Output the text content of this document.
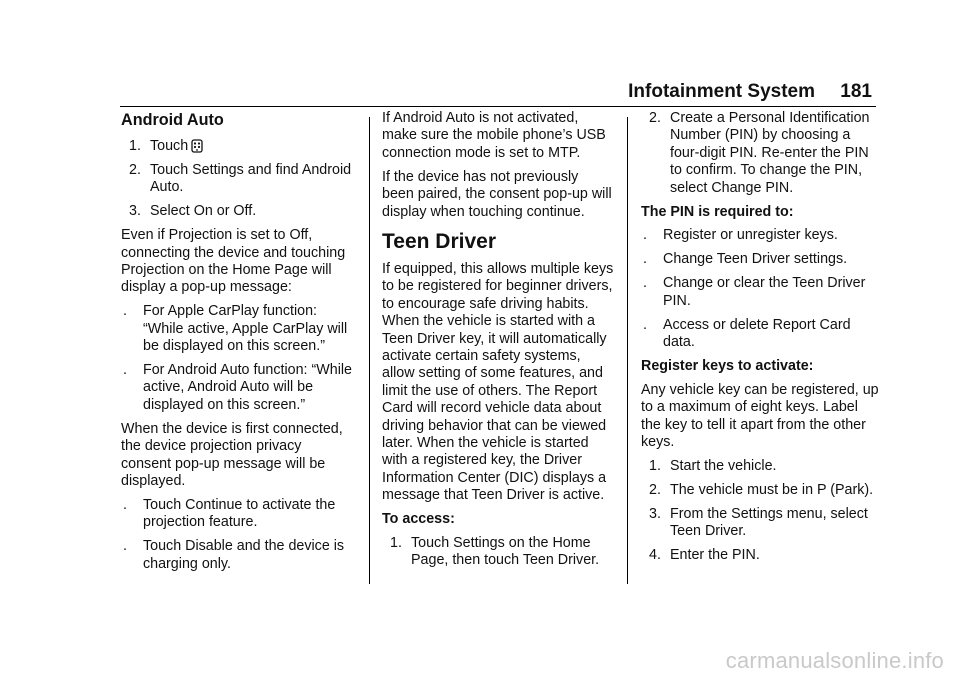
Infotainment System 181
Android Auto
1. Touch
2. Touch Settings and find Android Auto.
3. Select On or Off.

Even if Projection is set to Off, connecting the device and touching Projection on the Home Page will display a pop-up message:

. For Apple CarPlay function: “While active, Apple CarPlay will be displayed on this screen.”
. For Android Auto function: “While active, Android Auto will be displayed on this screen.”

When the device is first connected, the device projection privacy consent pop-up message will be displayed.

. Touch Continue to activate the projection feature.
. Touch Disable and the device is charging only.

If Android Auto is not activated, make sure the mobile phone’s USB connection mode is set to MTP.

If the device has not previously been paired, the consent pop-up will display when touching continue.

Teen Driver

If equipped, this allows multiple keys to be registered for beginner drivers, to encourage safe driving habits. When the vehicle is started with a Teen Driver key, it will automatically activate certain safety systems, allow setting of some features, and limit the use of others. The Report Card will record vehicle data about driving behavior that can be viewed later. When the vehicle is started with a registered key, the Driver Information Center (DIC) displays a message that Teen Driver is active.

To access:
1. Touch Settings on the Home Page, then touch Teen Driver.
2. Create a Personal Identification Number (PIN) by choosing a four-digit PIN. Re-enter the PIN to confirm. To change the PIN, select Change PIN.
The PIN is required to:
. Register or unregister keys.
. Change Teen Driver settings.
. Change or clear the Teen Driver PIN.
. Access or delete Report Card data.
Register keys to activate:

Any vehicle key can be registered, up to a maximum of eight keys. Label the key to tell it apart from the other keys.

1. Start the vehicle.
2. The vehicle must be in P (Park).
3. From the Settings menu, select Teen Driver.
4. Enter the PIN.
carmanualsonline.info
